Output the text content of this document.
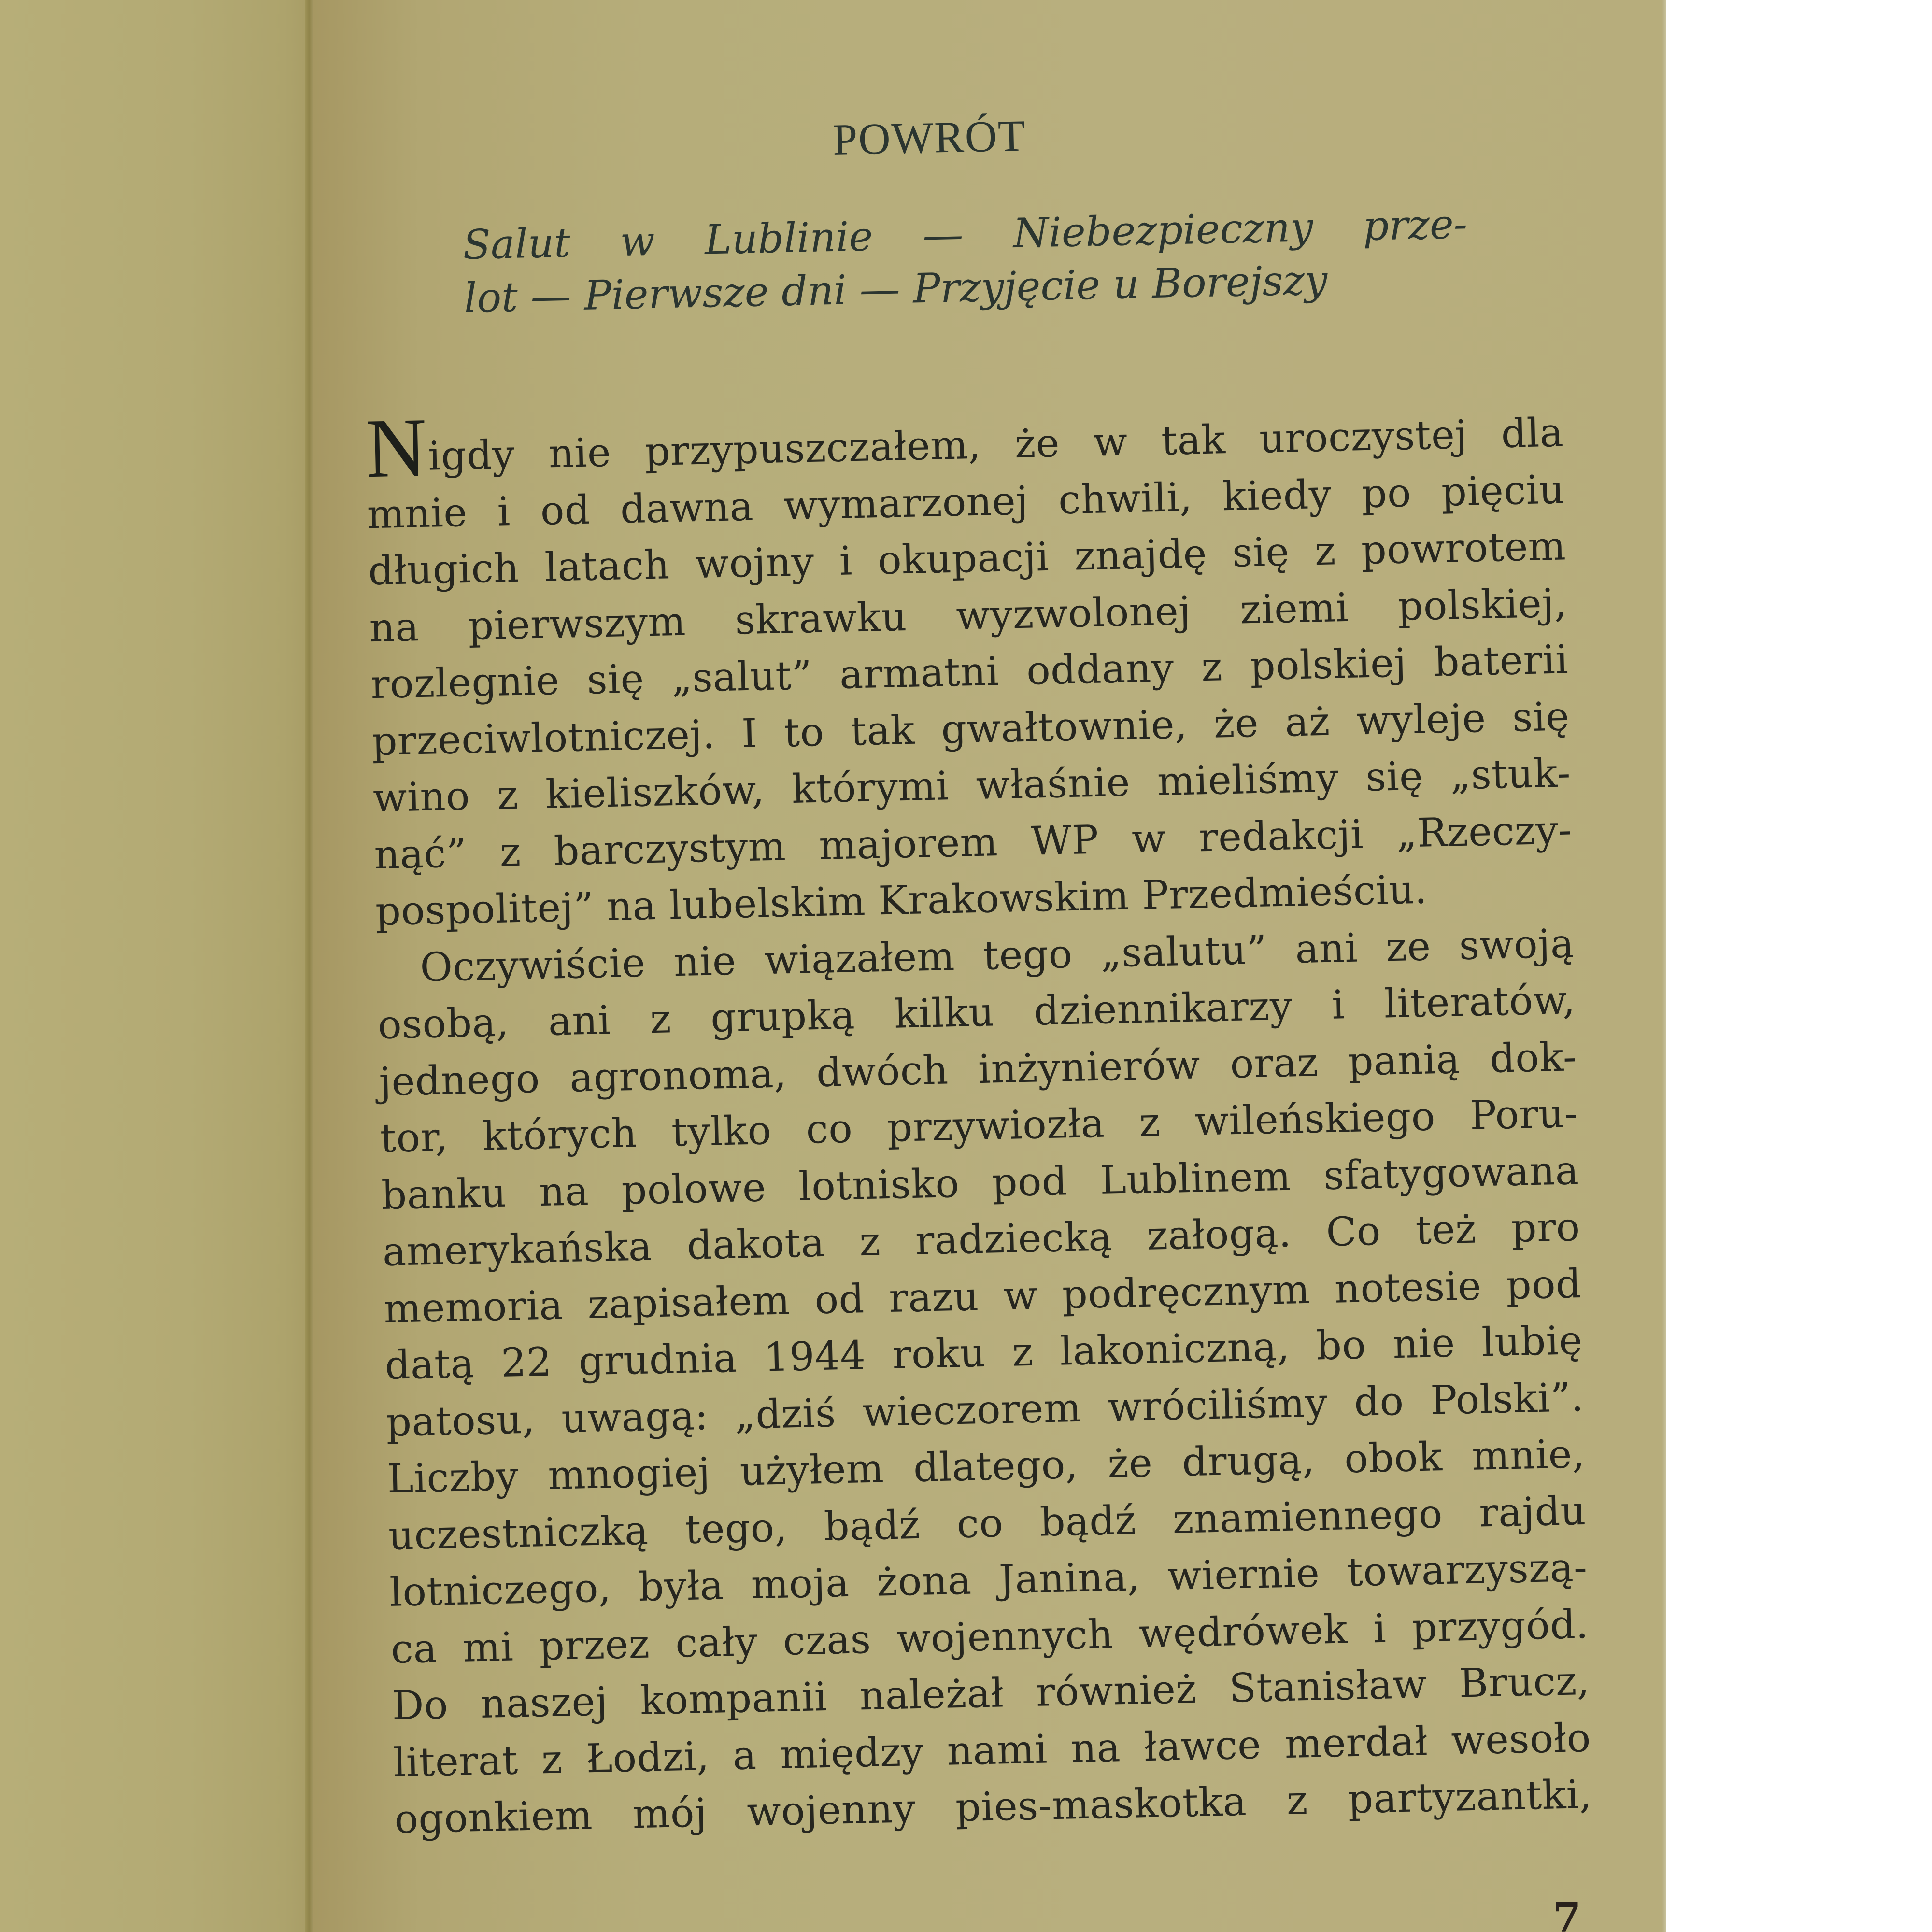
POWRÓT
Salut w Lublinie — Niebezpieczny prze-
lot — Pierwsze dni — Przyjęcie u Borejszy
Nigdy nie przypuszczałem, że w tak uroczystej dla
mnie i od dawna wymarzonej chwili, kiedy po pięciu
długich latach wojny i okupacji znajdę się z powrotem
na pierwszym skrawku wyzwolonej ziemi polskiej,
rozlegnie się „salut” armatni oddany z polskiej baterii
przeciwlotniczej. I to tak gwałtownie, że aż wyleje się
wino z kieliszków, którymi właśnie mieliśmy się „stuk-
nąć” z barczystym majorem WP w redakcji „Rzeczy-
pospolitej” na lubelskim Krakowskim Przedmieściu.
Oczywiście nie wiązałem tego „salutu” ani ze swoją
osobą, ani z grupką kilku dziennikarzy i literatów,
jednego agronoma, dwóch inżynierów oraz panią dok-
tor, których tylko co przywiozła z wileńskiego Poru-
banku na polowe lotnisko pod Lublinem sfatygowana
amerykańska dakota z radziecką załogą. Co też pro
memoria zapisałem od razu w podręcznym notesie pod
datą 22 grudnia 1944 roku z lakoniczną, bo nie lubię
patosu, uwagą: „dziś wieczorem wróciliśmy do Polski”.
Liczby mnogiej użyłem dlatego, że drugą, obok mnie,
uczestniczką tego, bądź co bądź znamiennego rajdu
lotniczego, była moja żona Janina, wiernie towarzyszą-
ca mi przez cały czas wojennych wędrówek i przygód.
Do naszej kompanii należał również Stanisław Brucz,
literat z Łodzi, a między nami na ławce merdał wesoło
ogonkiem mój wojenny pies-maskotka z partyzantki,
7
